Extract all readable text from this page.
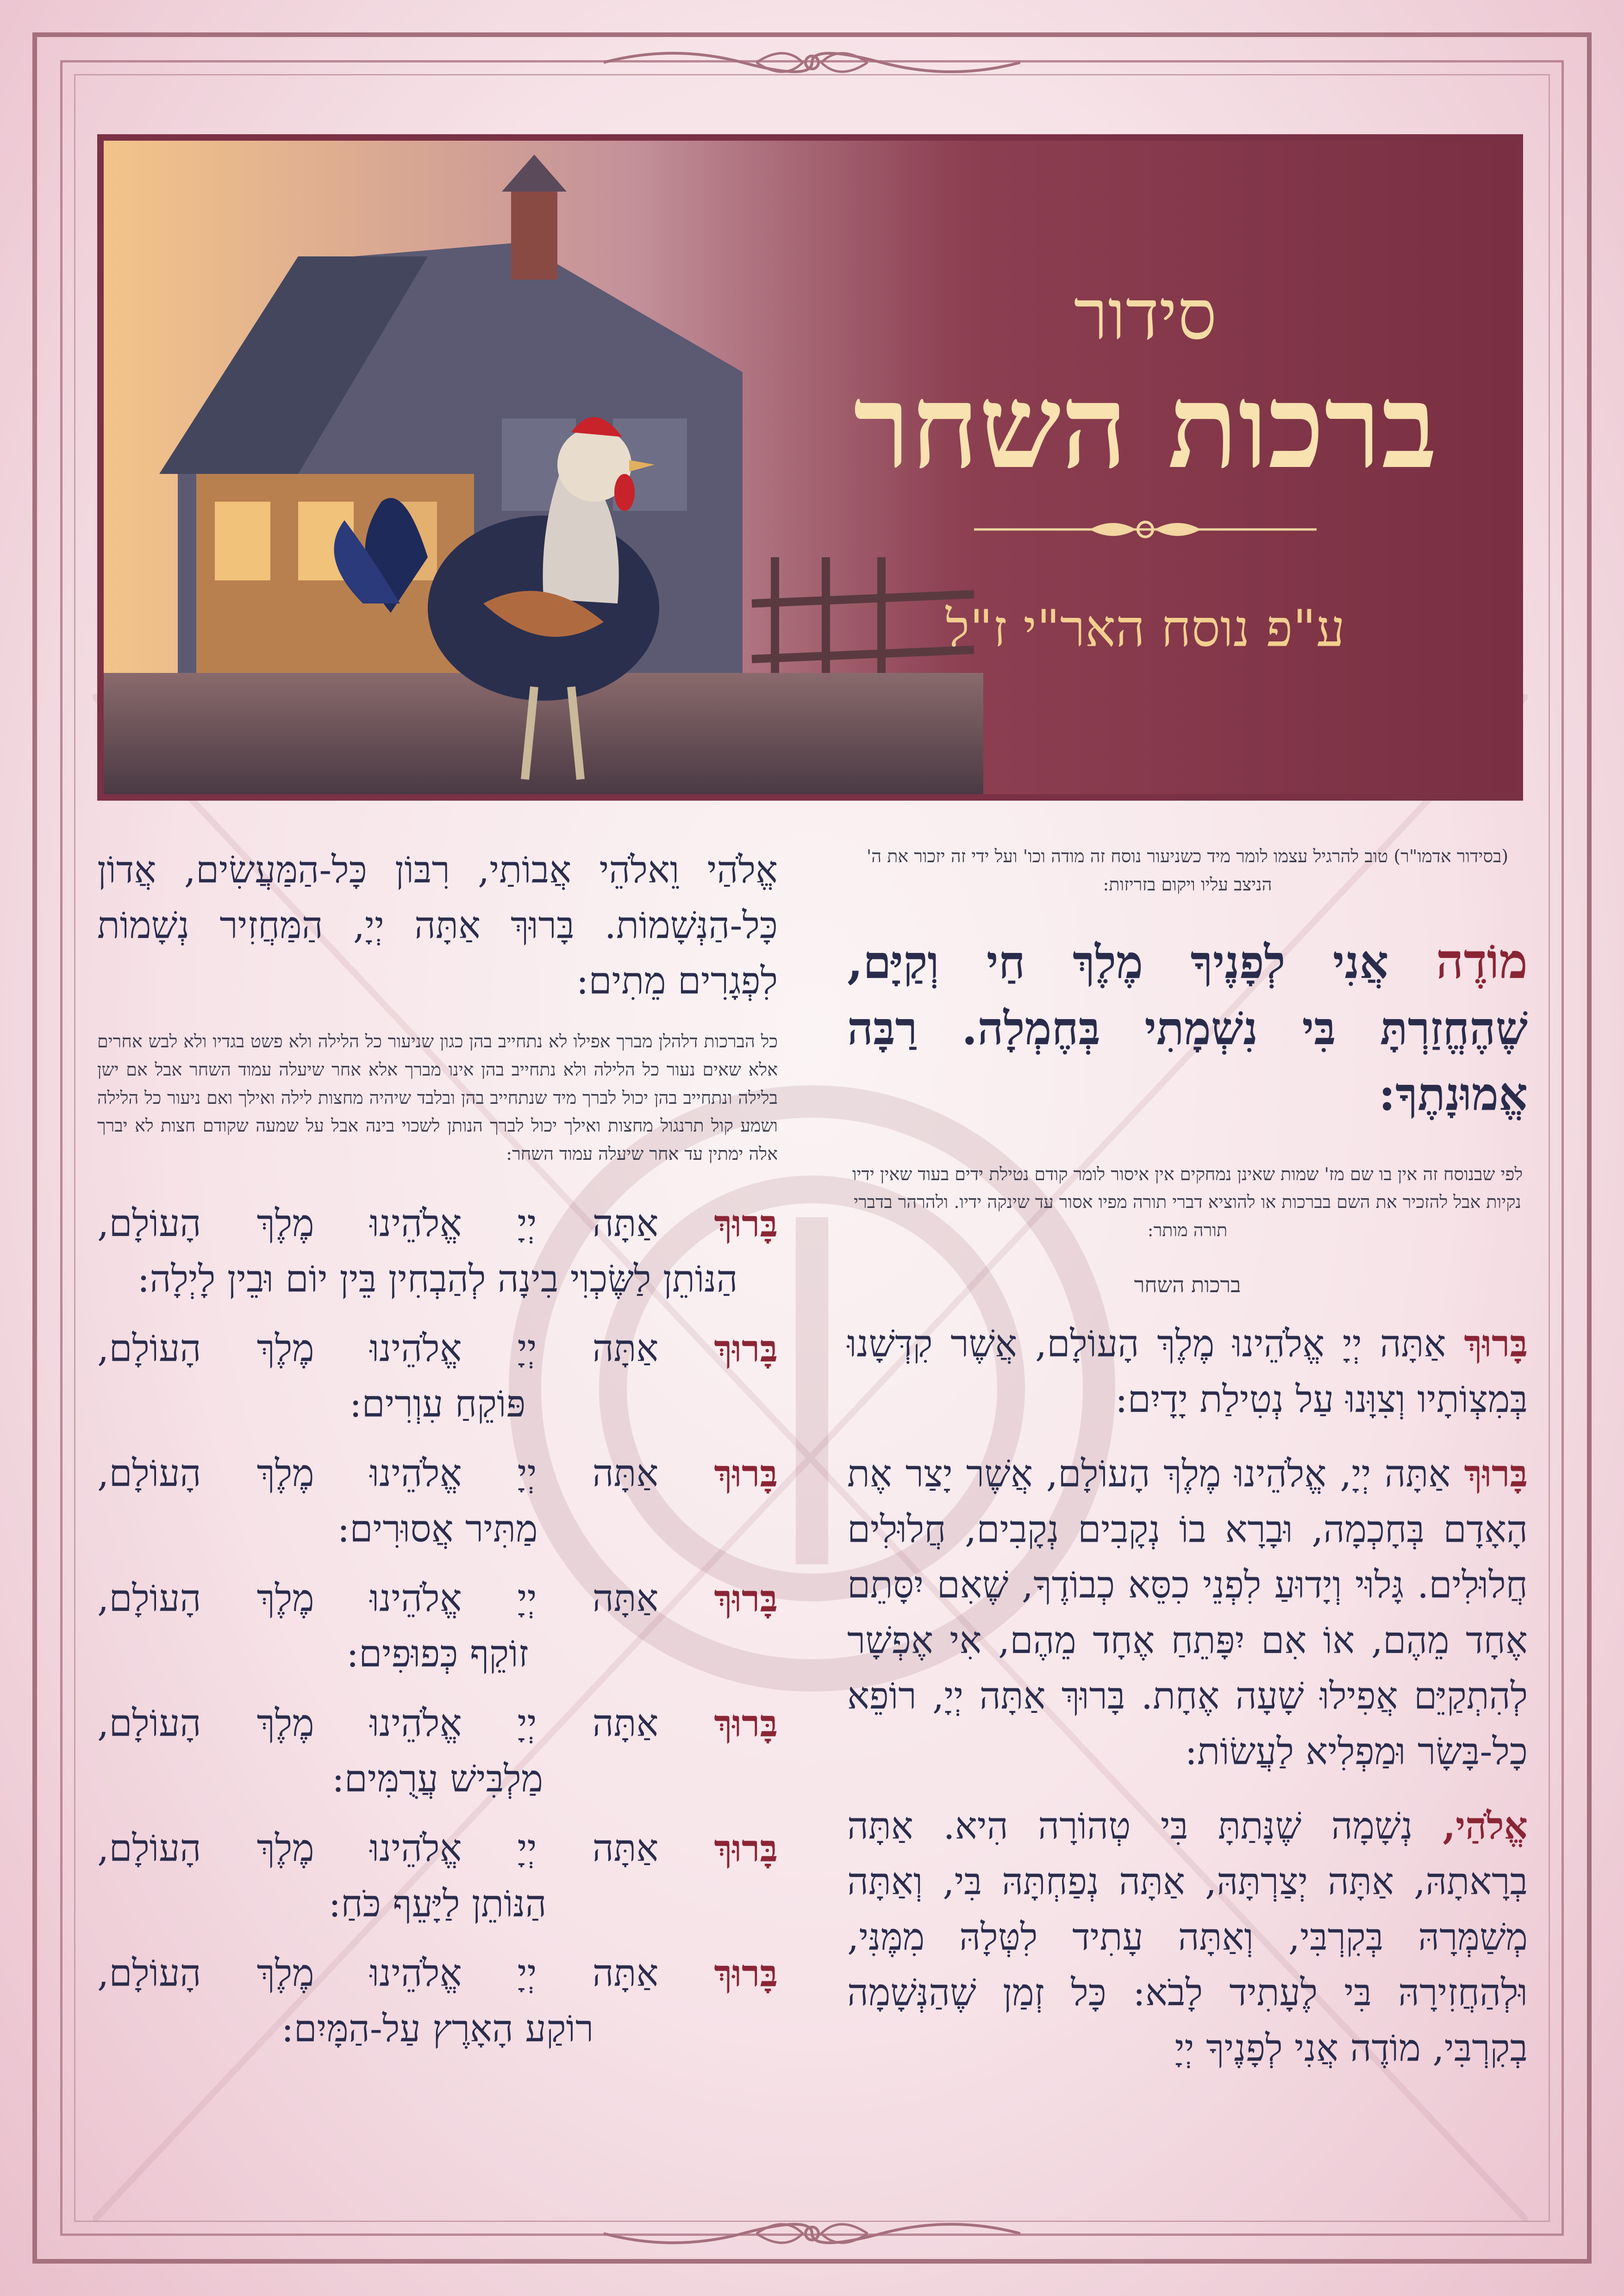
סידור
ברכות השחר
ע"פ נוסח האר"י ז"ל

(בסידור אדמו"ר) טוב להרגיל עצמו לומר מיד כשניעור נוסח זה מודה וכו' ועל ידי זה יזכור את ה' הניצב עליו ויקום בזריזות:

מוֹדֶה אֲנִי לְפָנֶיךָ מֶלֶךְ חַי וְקַיָּם, שֶׁהֶחֱזַרְתָּ בִּי נִשְׁמָתִי בְּחֶמְלָה. רַבָּה אֱמוּנָתֶךָ:

לפי שבנוסח זה אין בו שם מז' שמות שאינן נמחקים אין איסור לומר קודם נטילת ידים בעוד שאין ידיו נקיות אבל להזכיר את השם בברכות או להוציא דברי תורה מפיו אסור עד שינקה ידיו. ולהרהר בדברי תורה מותר:

ברכות השחר

בָּרוּךְ אַתָּה יְיָ אֱלֹהֵינוּ מֶלֶךְ הָעוֹלָם, אֲשֶׁר קִדְּשָׁנוּ בְּמִצְוֹתָיו וְצִוָּנוּ עַל נְטִילַת יָדָיִם:

בָּרוּךְ אַתָּה יְיָ, אֱלֹהֵינוּ מֶלֶךְ הָעוֹלָם, אֲשֶׁר יָצַר אֶת הָאָדָם בְּחָכְמָה, וּבָרָא בוֹ נְקָבִים נְקָבִים, חֲלוּלִים חֲלוּלִים. גָּלוּי וְיָדוּעַ לִפְנֵי כִסֵּא כְבוֹדֶךָ, שֶׁאִם יִסָּתֵם אֶחָד מֵהֶם, אוֹ אִם יִפָּתֵחַ אֶחָד מֵהֶם, אִי אֶפְשָׁר לְהִתְקַיֵּם אֲפִילוּ שָׁעָה אֶחָת. בָּרוּךְ אַתָּה יְיָ, רוֹפֵא כָל-בָּשָׂר וּמַפְלִיא לַעֲשׂוֹת:

אֱלֹהַי, נְשָׁמָה שֶׁנָּתַתָּ בִּי טְהוֹרָה הִיא. אַתָּה בְרָאתָהּ, אַתָּה יְצַרְתָּהּ, אַתָּה נְפַחְתָּהּ בִּי, וְאַתָּה מְשַׁמְּרָהּ בְּקִרְבִּי, וְאַתָּה עָתִיד לִטְּלָהּ מִמֶּנִּי, וּלְהַחֲזִירָהּ בִּי לֶעָתִיד לָבֹא: כָּל זְמַן שֶׁהַנְּשָׁמָה בְקִרְבִּי, מוֹדֶה אֲנִי לְפָנֶיךָ יְיָ

אֱלֹהַי וֵאלֹהֵי אֲבוֹתַי, רִבּוֹן כָּל-הַמַּעֲשִׂים, אֲדוֹן כָּל-הַנְּשָׁמוֹת. בָּרוּךְ אַתָּה יְיָ, הַמַּחֲזִיר נְשָׁמוֹת לִפְגָרִים מֵתִים:

כל הברכות דלהלן מברך אפילו לא נתחייב בהן כגון שניעור כל הלילה ולא פשט בגדיו ולא לבש אחרים אלא שאים נעור כל הלילה ולא נתחייב בהן אינו מברך אלא אחר שיעלה עמוד השחר אבל אם ישן בלילה ונתחייב בהן יכול לברך מיד שנתחייב בהן ובלבד שיהיה מחצות לילה ואילך ואם ניעור כל הלילה ושמע קול תרנגול מחצות ואילך יכול לברך הנותן לשכוי בינה אבל על שמעה שקודם חצות לא יברך אלה ימתין עד אחר שיעלה עמוד השחר:

בָּרוּךְ
אַתָּה
יְיָ
אֱלֹהֵינוּ
מֶלֶךְ
הָעוֹלָם,
הַנּוֹתֵן לַשֶּׂכְוִי בִינָה לְהַבְחִין בֵּין יוֹם וּבֵין לָיְלָה:
בָּרוּךְ
אַתָּה
יְיָ
אֱלֹהֵינוּ
מֶלֶךְ
הָעוֹלָם,
פּוֹקֵחַ עִוְרִים:
בָּרוּךְ
אַתָּה
יְיָ
אֱלֹהֵינוּ
מֶלֶךְ
הָעוֹלָם,
מַתִּיר אֲסוּרִים:
בָּרוּךְ
אַתָּה
יְיָ
אֱלֹהֵינוּ
מֶלֶךְ
הָעוֹלָם,
זוֹקֵף כְּפוּפִים:
בָּרוּךְ
אַתָּה
יְיָ
אֱלֹהֵינוּ
מֶלֶךְ
הָעוֹלָם,
מַלְבִּישׁ עֲרֻמִּים:
בָּרוּךְ
אַתָּה
יְיָ
אֱלֹהֵינוּ
מֶלֶךְ
הָעוֹלָם,
הַנּוֹתֵן לַיָּעֵף כֹּחַ:
בָּרוּךְ
אַתָּה
יְיָ
אֱלֹהֵינוּ
מֶלֶךְ
הָעוֹלָם,
רוֹקַע הָאָרֶץ עַל-הַמָּיִם:
